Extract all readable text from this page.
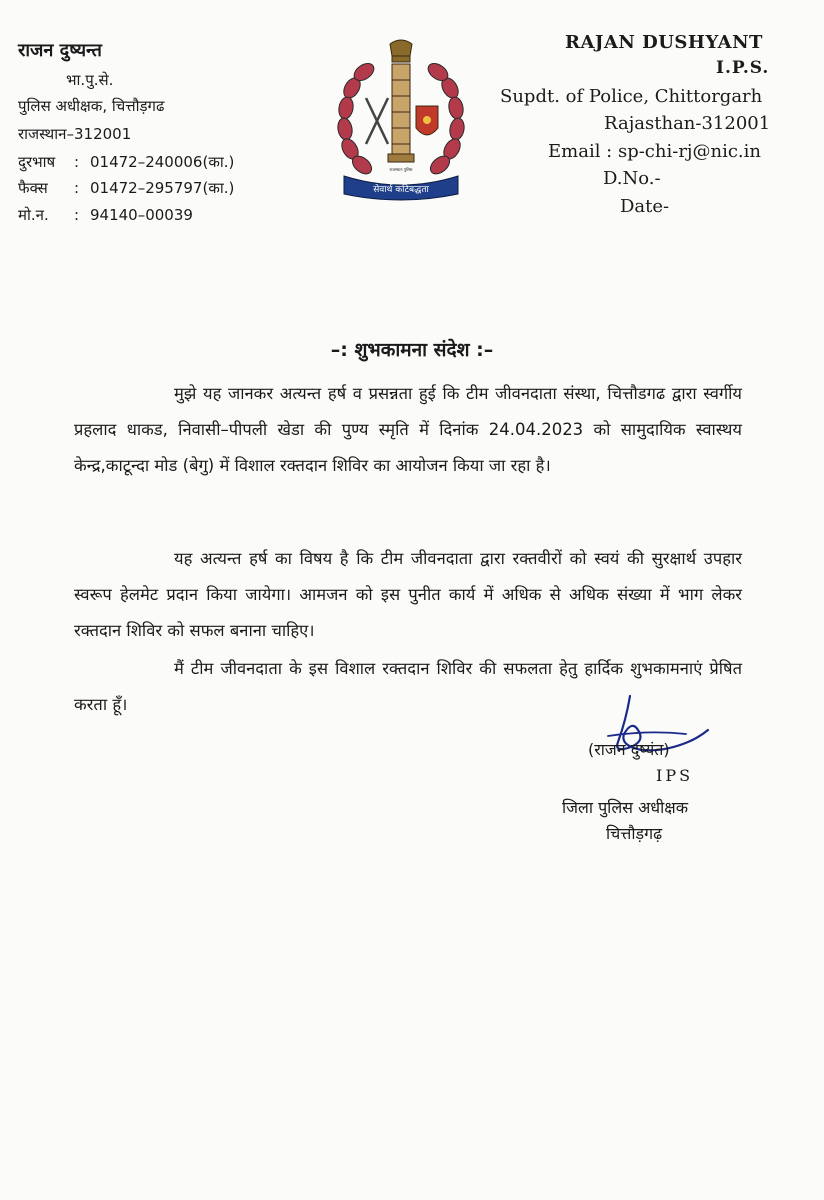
राजन दुष्यन्त
भा.पु.से.
पुलिस अधीक्षक, चित्तौड़गढ
राजस्थान–312001
दुरभाष : 01472–240006(का.)
फैक्स : 01472–295797(का.)
मो.न. : 94140–00039
सेवार्थ कटिबद्धता
राजस्थान पुलिस
RAJAN DUSHYANT
I.P.S.
Supdt. of Police, Chittorgarh
Rajasthan-312001
Email : sp-chi-rj@nic.in
D.No.-
Date-
–: शुभकामना संदेश :–
मुझे यह जानकर अत्यन्त हर्ष व प्रसन्नता हुई कि टीम जीवनदाता संस्था, चित्तौडगढ द्वारा स्वर्गीय प्रहलाद धाकड, निवासी–पीपली खेडा की पुण्य स्मृति में दिनांक 24.04.2023 को सामुदायिक स्वास्थय केन्द्र,काटून्दा मोड (बेगु) में विशाल रक्तदान शिविर का आयोजन किया जा रहा है।
यह अत्यन्त हर्ष का विषय है कि टीम जीवनदाता द्वारा रक्तवीरों को स्वयं की सुरक्षार्थ उपहार स्वरूप हेलमेट प्रदान किया जायेगा। आमजन को इस पुनीत कार्य में अधिक से अधिक संख्या में भाग लेकर रक्तदान शिविर को सफल बनाना चाहिए।
मैं टीम जीवनदाता के इस विशाल रक्तदान शिविर की सफलता हेतु हार्दिक शुभकामनाएं प्रेषित करता हूँ।
(राजन दुष्यंत)
IPS
जिला पुलिस अधीक्षक
चित्तौड़गढ़
